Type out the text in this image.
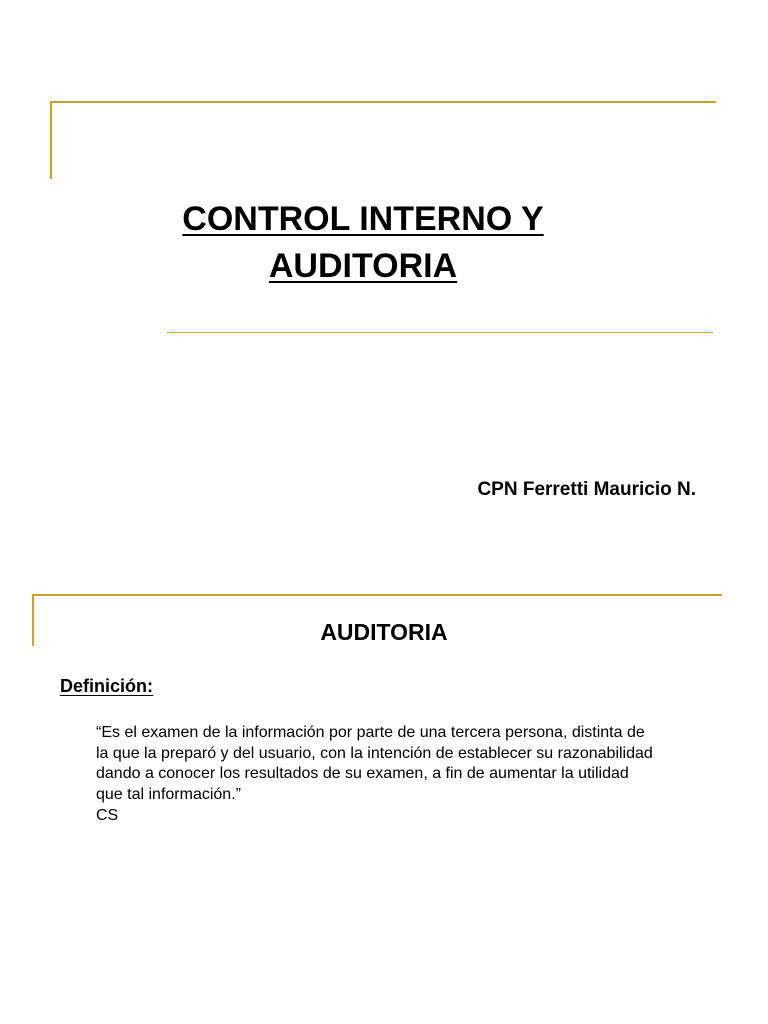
CONTROL INTERNO Y
AUDITORIA

CPN Ferretti Mauricio N.

AUDITORIA

Definición:

“Es el examen de la información por parte de una tercera persona, distinta de
la que la preparó y del usuario, con la intención de establecer su razonabilidad
dando a conocer los resultados de su examen, a fin de aumentar la utilidad
que tal información.”

CS
